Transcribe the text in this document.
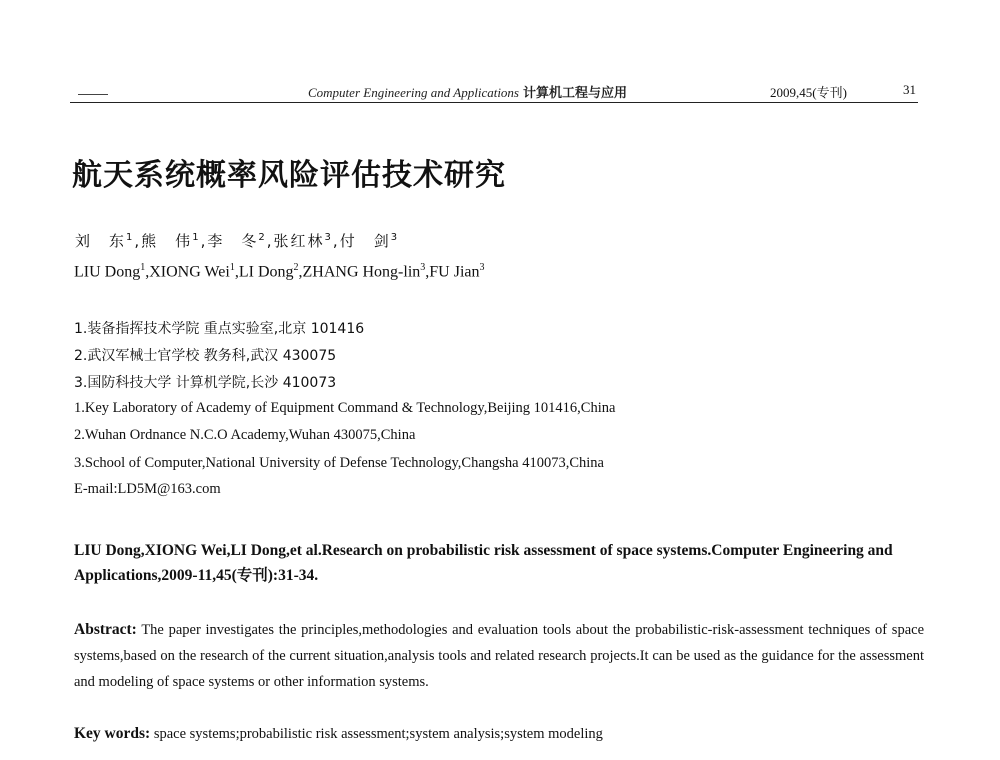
Computer Engineering and Applications 计算机工程与应用	2009,45(专刊)	31
航天系统概率风险评估技术研究
刘　东$^1$,熊　伟$^1$,李　冬$^2$,张红林$^3$,付　剑$^3$
LIU Dong$^1$,XIONG Wei$^1$,LI Dong$^2$,ZHANG Hong-lin$^3$,FU Jian$^3$
1.装备指挥技术学院 重点实验室,北京 101416
2.武汉军械士官学校 教务科,武汉 430075
3.国防科技大学 计算机学院,长沙 410073
1.Key Laboratory of Academy of Equipment Command & Technology,Beijing 101416,China
2.Wuhan Ordnance N.C.O Academy,Wuhan 430075,China
3.School of Computer,National University of Defense Technology,Changsha 410073,China
E-mail:LD5M@163.com
LIU Dong,XIONG Wei,LI Dong,et al.Research on probabilistic risk assessment of space systems.Computer Engineering and Applications,2009-11,45(专刊):31-34.
Abstract: The paper investigates the principles,methodologies and evaluation tools about the probabilistic-risk-assessment techniques of space systems,based on the research of the current situation,analysis tools and related research projects.It can be used as the guidance for the assessment and modeling of space systems or other information systems.
Key words: space systems;probabilistic risk assessment;system analysis;system modeling
